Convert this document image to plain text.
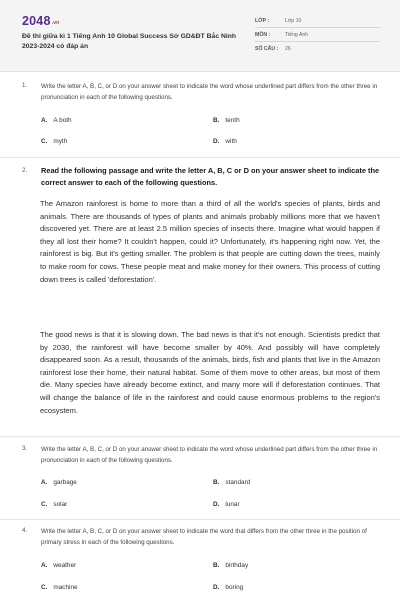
2048.vn
Đề thi giữa kì 1 Tiếng Anh 10 Global Success Sở GD&ĐT Bắc Ninh 2023-2024 có đáp án
LỚP :	Lớp 10
MÔN :	Tiếng Anh
SỐ CÂU : 26
1. Write the letter A, B, C, or D on your answer sheet to indicate the word whose underlined part differs from the other three in pronunciation in each of the following questions.
A. A both	B. tenth
C. myth	D. with
2. Read the following passage and write the letter A, B, C or D on your answer sheet to indicate the correct answer to each of the following questions.
The Amazon rainforest is home to more than a third of all the world's species of plants, birds and animals. There are thousands of types of plants and animals probably millions more that we haven't discovered yet. There are at least 2.5 million species of insects there. Imagine what would happen if they all lost their home? It couldn't happen, could it? Unfortunately, it's happening right now. Yet, the rainforest is big. But it's getting smaller. The problem is that people are cutting down the trees, mainly to make room for cows. These people meat and make money for their owners. This process of cutting down trees is called 'deforestation'.
The good news is that it is slowing down. The bad news is that it's not enough. Scientists predict that by 2030, the rainforest will have become smaller by 40%. And possibly will have completely disappeared soon. As a result, thousands of the animals, birds, fish and plants that live in the Amazon rainforest lose their home, their natural habitat. Some of them move to other areas, but most of them die. Many species have already become extinct, and many more will if deforestation continues. That will change the balance of life in the rainforest and could cause enormous problems to the region's ecosystem.
3. Write the letter A, B, C, or D on your answer sheet to indicate the word whose underlined part differs from the other three in pronunciation in each of the following questions.
A. garbage	B. standard
C. solar	D. lunar
4. Write the letter A, B, C, or D on your answer sheet to indicate the word that differs from the other three in the position of primary stress in each of the following questions.
A. weather	B. birthday
C. machine	D. boring
